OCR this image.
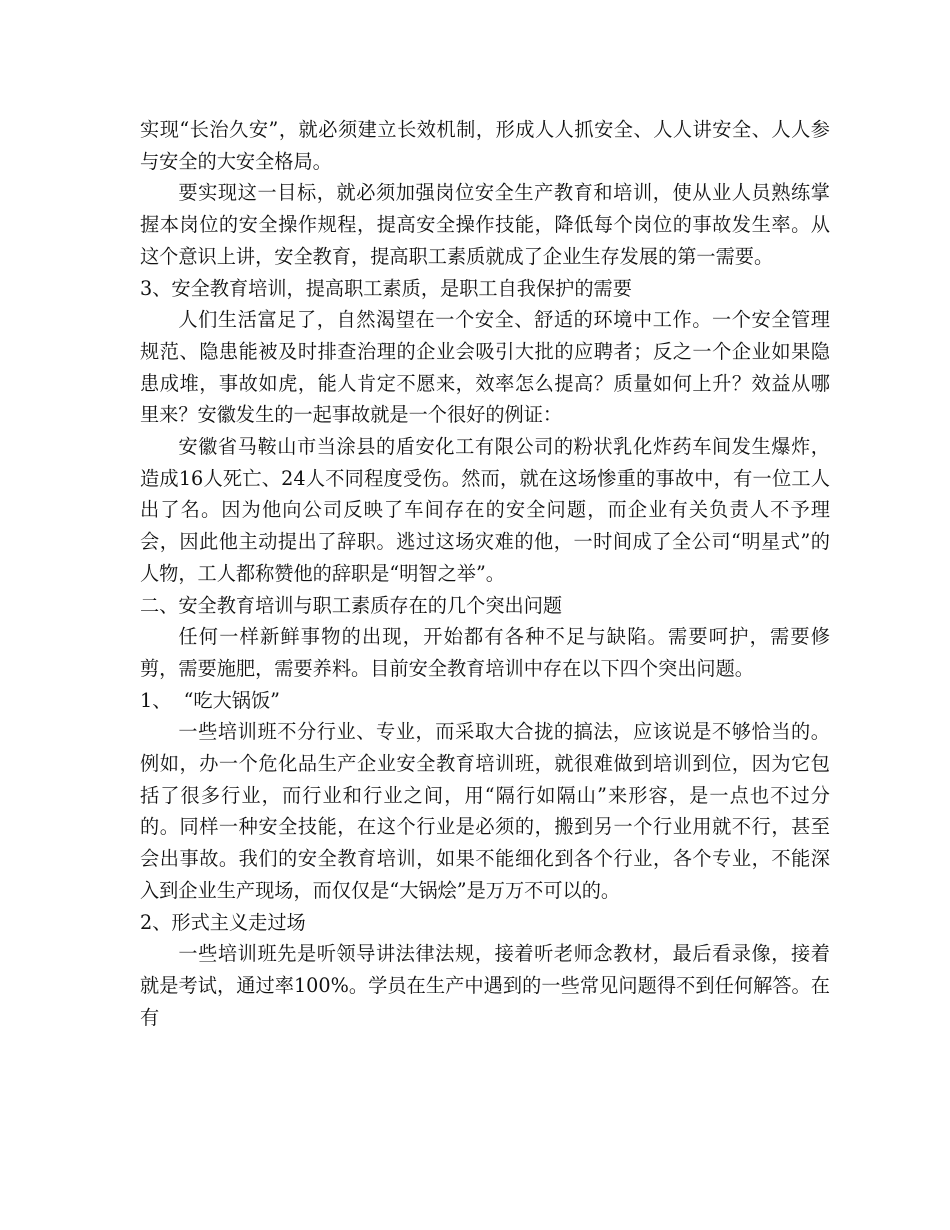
实现“长治久安”，就必须建立长效机制，形成人人抓安全、人人讲安全、人人参与安全的大安全格局。

要实现这一目标，就必须加强岗位安全生产教育和培训，使从业人员熟练掌握本岗位的安全操作规程，提高安全操作技能，降低每个岗位的事故发生率。从这个意识上讲，安全教育，提高职工素质就成了企业生存发展的第一需要。

3、安全教育培训，提高职工素质，是职工自我保护的需要

人们生活富足了，自然渴望在一个安全、舒适的环境中工作。一个安全管理规范、隐患能被及时排查治理的企业会吸引大批的应聘者；反之一个企业如果隐患成堆，事故如虎，能人肯定不愿来，效率怎么提高？质量如何上升？效益从哪里来？安徽发生的一起事故就是一个很好的例证：

安徽省马鞍山市当涂县的盾安化工有限公司的粉状乳化炸药车间发生爆炸，造成16人死亡、24人不同程度受伤。然而，就在这场惨重的事故中，有一位工人出了名。因为他向公司反映了车间存在的安全问题，而企业有关负责人不予理会，因此他主动提出了辞职。逃过这场灾难的他，一时间成了全公司“明星式”的人物，工人都称赞他的辞职是“明智之举”。

二、安全教育培训与职工素质存在的几个突出问题

任何一样新鲜事物的出现，开始都有各种不足与缺陷。需要呵护，需要修剪，需要施肥，需要养料。目前安全教育培训中存在以下四个突出问题。

1、  “吃大锅饭”

一些培训班不分行业、专业，而采取大合拢的搞法，应该说是不够恰当的。例如，办一个危化品生产企业安全教育培训班，就很难做到培训到位，因为它包括了很多行业，而行业和行业之间，用“隔行如隔山”来形容，是一点也不过分的。同样一种安全技能，在这个行业是必须的，搬到另一个行业用就不行，甚至会出事故。我们的安全教育培训，如果不能细化到各个行业，各个专业，不能深入到企业生产现场，而仅仅是“大锅烩”是万万不可以的。

2、形式主义走过场

一些培训班先是听领导讲法律法规，接着听老师念教材，最后看录像，接着就是考试，通过率100%。学员在生产中遇到的一些常见问题得不到任何解答。在有
